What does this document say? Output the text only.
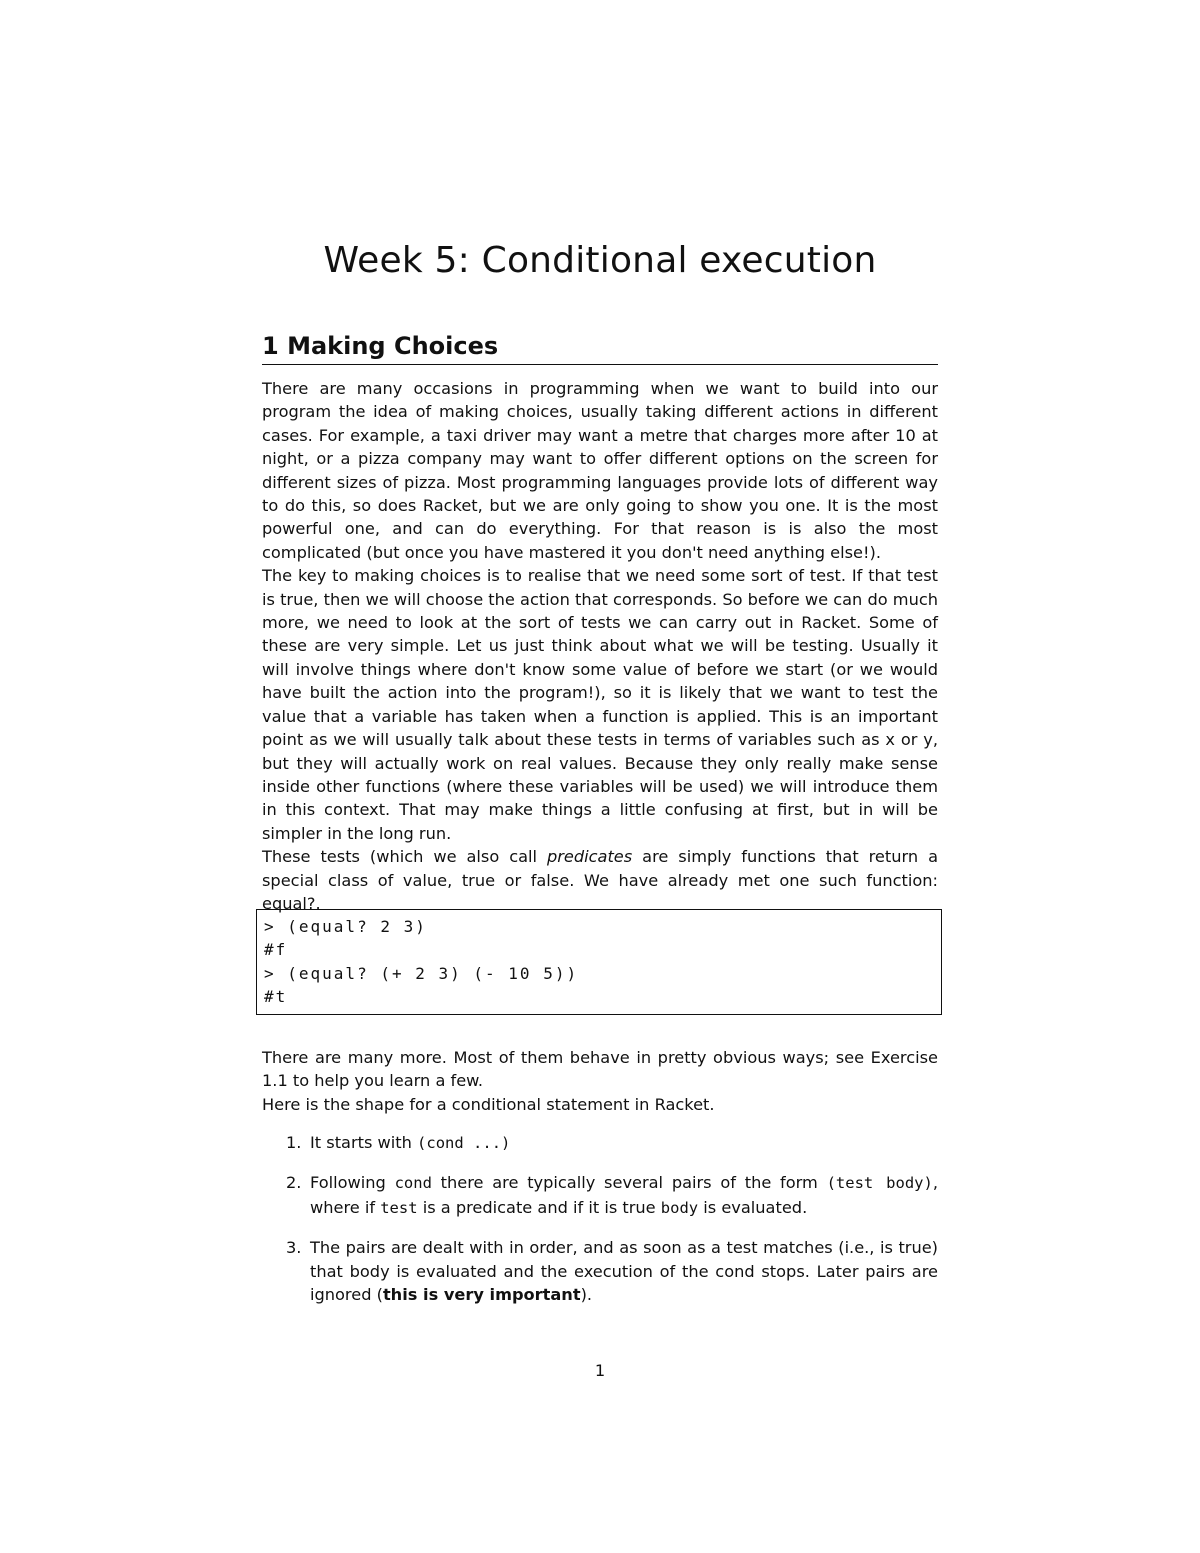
Week 5: Conditional execution
1 Making Choices

There are many occasions in programming when we want to build into our program the idea of making choices, usually taking different actions in different cases. For example, a taxi driver may want a metre that charges more after 10 at night, or a pizza company may want to offer different options on the screen for different sizes of pizza. Most programming languages provide lots of different way to do this, so does Racket, but we are only going to show you one. It is the most powerful one, and can do everything. For that reason is is also the most complicated (but once you have mastered it you don't need anything else!).

The key to making choices is to realise that we need some sort of test. If that test is true, then we will choose the action that corresponds. So before we can do much more, we need to look at the sort of tests we can carry out in Racket. Some of these are very simple. Let us just think about what we will be testing. Usually it will involve things where don't know some value of before we start (or we would have built the action into the program!), so it is likely that we want to test the value that a variable has taken when a function is applied. This is an important point as we will usually talk about these tests in terms of variables such as x or y, but they will actually work on real values. Because they only really make sense inside other functions (where these variables will be used) we will introduce them in this context. That may make things a little confusing at first, but in will be simpler in the long run.

These tests (which we also call predicates are simply functions that return a special class of value, true or false. We have already met one such function: equal?.

> (equal? 2 3)
#f
> (equal? (+ 2 3) (- 10 5))
#t

There are many more. Most of them behave in pretty obvious ways; see Exercise 1.1 to help you learn a few.

Here is the shape for a conditional statement in Racket.

1. It starts with (cond ...)
2. Following cond there are typically several pairs of the form (test body), where if test is a predicate and if it is true body is evaluated.
3. The pairs are dealt with in order, and as soon as a test matches (i.e., is true) that body is evaluated and the execution of the cond stops. Later pairs are ignored (this is very important).
1
